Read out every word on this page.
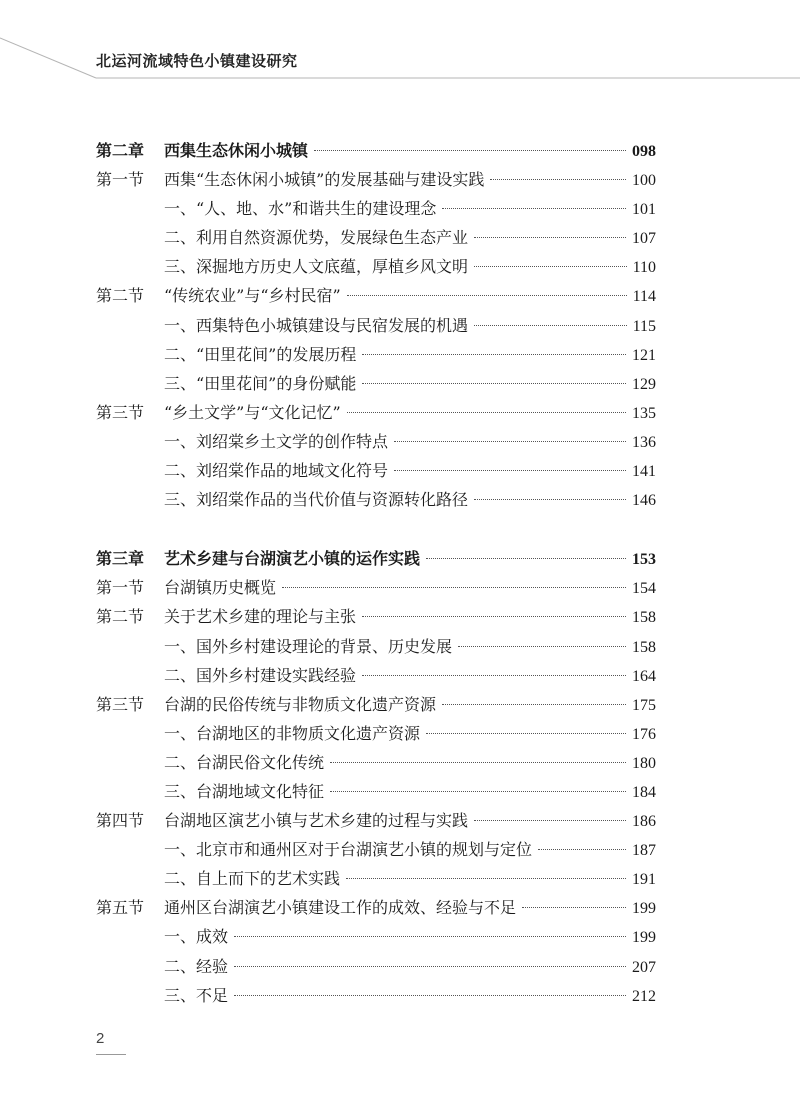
北运河流域特色小镇建设研究
第二章	西集生态休闲小城镇	098
第一节	西集“生态休闲小城镇”的发展基础与建设实践	100
一、“人、地、水”和谐共生的建设理念	101
二、利用自然资源优势，发展绿色生态产业	107
三、深掘地方历史人文底蕴，厚植乡风文明	110
第二节	“传统农业”与“乡村民宿”	114
一、西集特色小城镇建设与民宿发展的机遇	115
二、“田里花间”的发展历程	121
三、“田里花间”的身份赋能	129
第三节	“乡土文学”与“文化记忆”	135
一、刘绍棠乡土文学的创作特点	136
二、刘绍棠作品的地域文化符号	141
三、刘绍棠作品的当代价值与资源转化路径	146
第三章	艺术乡建与台湖演艺小镇的运作实践	153
第一节	台湖镇历史概览	154
第二节	关于艺术乡建的理论与主张	158
一、国外乡村建设理论的背景、历史发展	158
二、国外乡村建设实践经验	164
第三节	台湖的民俗传统与非物质文化遗产资源	175
一、台湖地区的非物质文化遗产资源	176
二、台湖民俗文化传统	180
三、台湖地域文化特征	184
第四节	台湖地区演艺小镇与艺术乡建的过程与实践	186
一、北京市和通州区对于台湖演艺小镇的规划与定位	187
二、自上而下的艺术实践	191
第五节	通州区台湖演艺小镇建设工作的成效、经验与不足	199
一、成效	199
二、经验	207
三、不足	212
2
